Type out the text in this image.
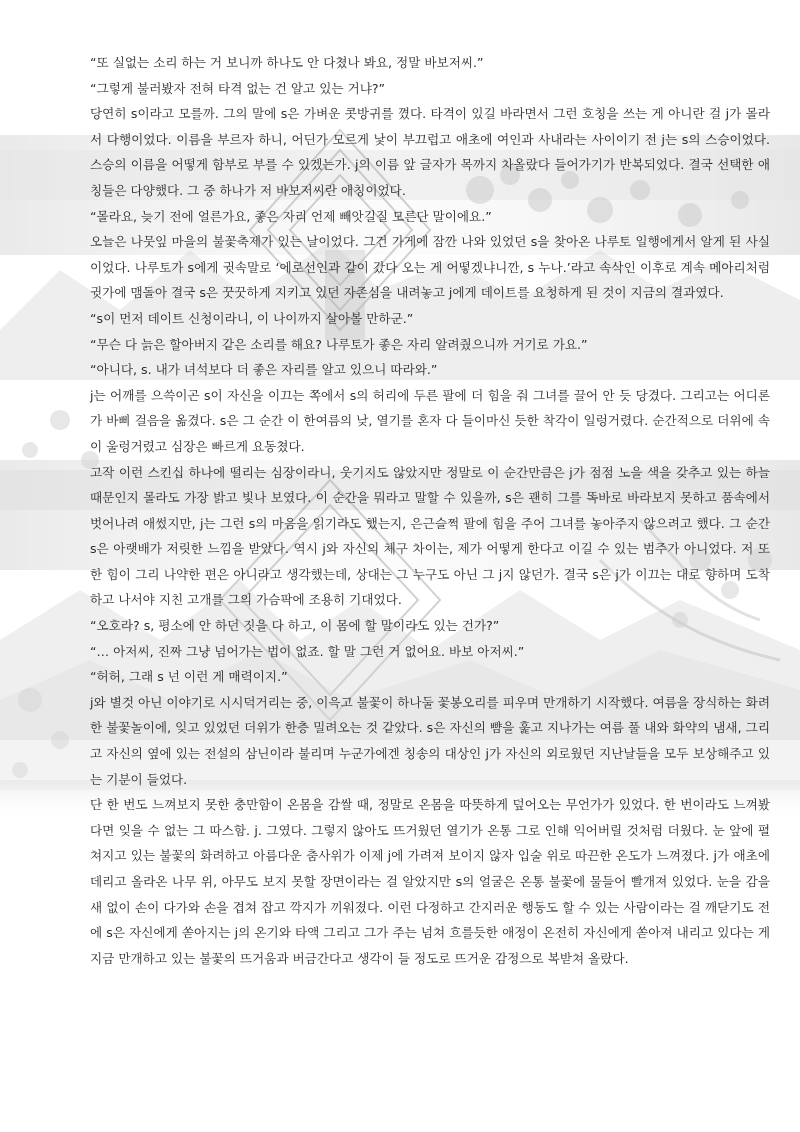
“또 실없는 소리 하는 거 보니까 하나도 안 다쳤나 봐요, 정말 바보저씨.”

“그렇게 불러봤자 전혀 타격 없는 건 알고 있는 거냐?”

당연히 s이라고 모를까. 그의 말에 s은 가벼운 콧방귀를 꼈다. 타격이 있길 바라면서 그런 호칭을 쓰는 게 아니란 걸 j가 몰라서 다행이었다. 이름을 부르자 하니, 어딘가 모르게 낯이 부끄럽고 애초에 여인과 사내라는 사이이기 전 j는 s의 스승이었다. 스승의 이름을 어떻게 함부로 부를 수 있겠는가. j의 이름 앞 글자가 목까지 차올랐다 들어가기가 반복되었다. 결국 선택한 애칭들은 다양했다. 그 중 하나가 저 바보저씨란 애칭이었다.

“몰라요, 늦기 전에 얼른가요, 좋은 자리 언제 빼앗길질 모른단 말이에요.”

오늘은 나뭇잎 마을의 불꽃축제가 있는 날이었다. 그건 가게에 잠깐 나와 있었던 s을 찾아온 나루토 일행에게서 알게 된 사실이었다. 나루토가 s에게 귓속말로 ‘에로선인과 같이 갔다 오는 게 어떻겠냐니깐, s 누나.’라고 속삭인 이후로 계속 메아리처럼 귓가에 맴돌아 결국 s은 꿋꿋하게 지키고 있던 자존심을 내려놓고 j에게 데이트를 요청하게 된 것이 지금의 결과였다.

“s이 먼저 데이트 신청이라니, 이 나이까지 살아볼 만하군.”

“무슨 다 늙은 할아버지 같은 소리를 해요? 나루토가 좋은 자리 알려줬으니까 거기로 가요.”

“아니다, s. 내가 녀석보다 더 좋은 자리를 알고 있으니 따라와.”

j는 어깨를 으쓱이곤 s이 자신을 이끄는 쪽에서 s의 허리에 두른 팔에 더 힘을 줘 그녀를 끌어 안 듯 당겼다. 그리고는 어디론가 바삐 걸음을 옮겼다. s은 그 순간 이 한여름의 낮, 열기를 혼자 다 들이마신 듯한 착각이 일렁거렸다. 순간적으로 더위에 속이 울렁거렸고 심장은 빠르게 요동쳤다.

고작 이런 스킨십 하나에 떨리는 심장이라니, 웃기지도 않았지만 정말로 이 순간만큼은 j가 점점 노을 색을 갖추고 있는 하늘 때문인지 몰라도 가장 밝고 빛나 보였다. 이 순간을 뭐라고 말할 수 있을까, s은 괜히 그를 똑바로 바라보지 못하고 품속에서 벗어나려 애썼지만, j는 그런 s의 마음을 읽기라도 했는지, 은근슬쩍 팔에 힘을 주어 그녀를 놓아주지 않으려고 했다. 그 순간 s은 아랫배가 저릿한 느낌을 받았다. 역시 j와 자신의 체구 차이는, 제가 어떻게 한다고 이길 수 있는 범주가 아니었다. 저 또한 힘이 그리 나약한 편은 아니라고 생각했는데, 상대는 그 누구도 아닌 그 j지 않던가. 결국 s은 j가 이끄는 대로 향하며 도착하고 나서야 지친 고개를 그의 가슴팍에 조용히 기대었다.

“오호라? s, 평소에 안 하던 짓을 다 하고, 이 몸에 할 말이라도 있는 건가?”

“… 아저씨, 진짜 그냥 넘어가는 법이 없죠. 할 말 그런 거 없어요. 바보 아저씨.”

“허허, 그래 s 넌 이런 게 매력이지.”

j와 별것 아닌 이야기로 시시덕거리는 중, 이윽고 불꽃이 하나둘 꽃봉오리를 피우며 만개하기 시작했다. 여름을 장식하는 화려한 불꽃놀이에, 잊고 있었던 더위가 한층 밀려오는 것 같았다. s은 자신의 뺨을 훑고 지나가는 여름 풀 내와 화약의 냄새, 그리고 자신의 옆에 있는 전설의 삼닌이라 불리며 누군가에겐 칭송의 대상인 j가 자신의 외로웠던 지난날들을 모두 보상해주고 있는 기분이 들었다.

단 한 번도 느껴보지 못한 충만함이 온몸을 감쌀 때, 정말로 온몸을 따뜻하게 덮어오는 무언가가 있었다. 한 번이라도 느껴봤다면 잊을 수 없는 그 따스함. j. 그였다. 그렇지 않아도 뜨거웠던 열기가 온통 그로 인해 익어버릴 것처럼 더웠다. 눈 앞에 펼쳐지고 있는 불꽃의 화려하고 아름다운 춤사위가 이제 j에 가려져 보이지 않자 입술 위로 따끈한 온도가 느껴졌다. j가 애초에 데리고 올라온 나무 위, 아무도 보지 못할 장면이라는 걸 알았지만 s의 얼굴은 온통 불꽃에 물들어 빨개져 있었다. 눈을 감을 새 없이 손이 다가와 손을 겹쳐 잡고 깍지가 끼워졌다. 이런 다정하고 간지러운 행동도 할 수 있는 사람이라는 걸 깨닫기도 전에 s은 자신에게 쏟아지는 j의 온기와 타액 그리고 그가 주는 넘쳐 흐를듯한 애정이 온전히 자신에게 쏟아져 내리고 있다는 게 지금 만개하고 있는 불꽃의 뜨거움과 버금간다고 생각이 들 정도로 뜨거운 감정으로 복받쳐 올랐다.
